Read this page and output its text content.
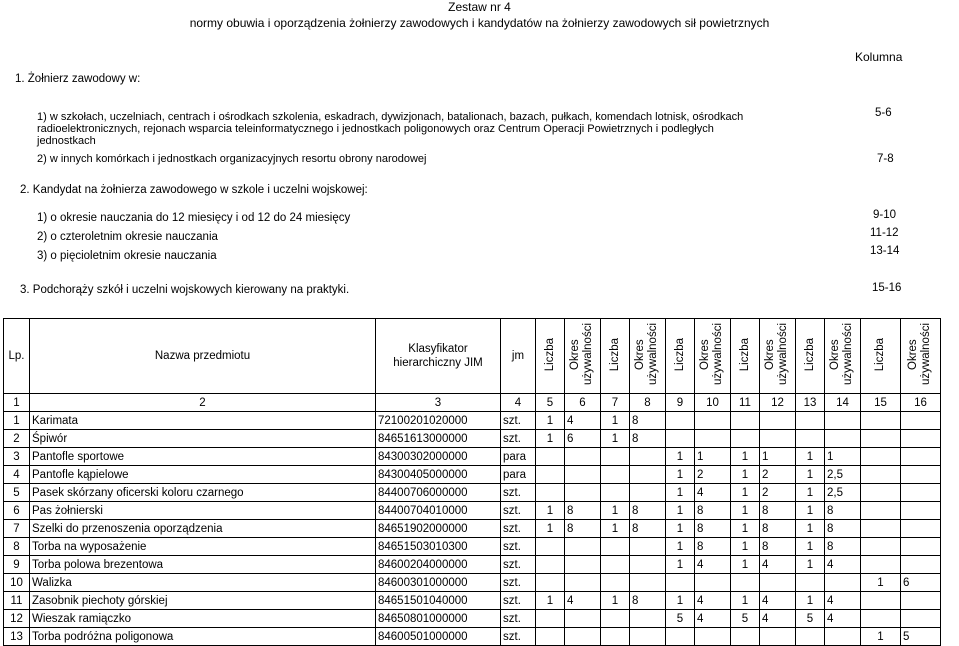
Zestaw nr 4
normy obuwia i oporządzenia żołnierzy zawodowych i kandydatów na żołnierzy zawodowych sił powietrznych
Kolumna
1. Żołnierz zawodowy w:
1) w szkołach, uczelniach, centrach i ośrodkach szkolenia, eskadrach, dywizjonach, batalionach, bazach, pułkach, komendach lotnisk, ośrodkach
radioelektronicznych, rejonach wsparcia teleinformatycznego i jednostkach poligonowych oraz Centrum Operacji Powietrznych i podległych
jednostkach
5-6
2) w innych komórkach i jednostkach organizacyjnych resortu obrony narodowej	7-8
2. Kandydat na żołnierza zawodowego w szkole i uczelni wojskowej:
1) o okresie nauczania do 12 miesięcy i od 12 do 24 miesięcy	9-10
2) o czteroletnim okresie nauczania	11-12
3) o pięcioletnim okresie nauczania	13-14
3. Podchorąży szkół i uczelni wojskowych kierowany na praktyki.	15-16
Lp.	Nazwa przedmiotu	Klasyfikator hierarchiczny JIM	jm	Liczba	Okres używalności	Liczba	Okres używalności	Liczba	Okres używalności	Liczba	Okres używalności	Liczba	Okres używalności	Liczba	Okres używalności
1	2	3	4	5	6	7	8	9	10	11	12	13	14	15	16
1	Karimata	72100201020000	szt.	1	4	1	8								
2	Śpiwór	84651613000000	szt.	1	6	1	8								
3	Pantofle sportowe	84300302000000	para					1	1	1	1	1	1		
4	Pantofle kąpielowe	84300405000000	para					1	2	1	2	1	2,5		
5	Pasek skórzany oficerski koloru czarnego	84400706000000	szt.					1	4	1	2	1	2,5		
6	Pas żołnierski	84400704010000	szt.	1	8	1	8	1	8	1	8	1	8		
7	Szelki do przenoszenia oporządzenia	84651902000000	szt.	1	8	1	8	1	8	1	8	1	8		
8	Torba na wyposażenie	84651503010300	szt.					1	8	1	8	1	8		
9	Torba polowa brezentowa	84600204000000	szt.					1	4	1	4	1	4		
10	Walizka	84600301000000	szt.											1	6
11	Zasobnik piechoty górskiej	84651501040000	szt.	1	4	1	8	1	4	1	4	1	4		
12	Wieszak ramiączko	84650801000000	szt.					5	4	5	4	5	4		
13	Torba podróżna poligonowa	84600501000000	szt.											1	5
